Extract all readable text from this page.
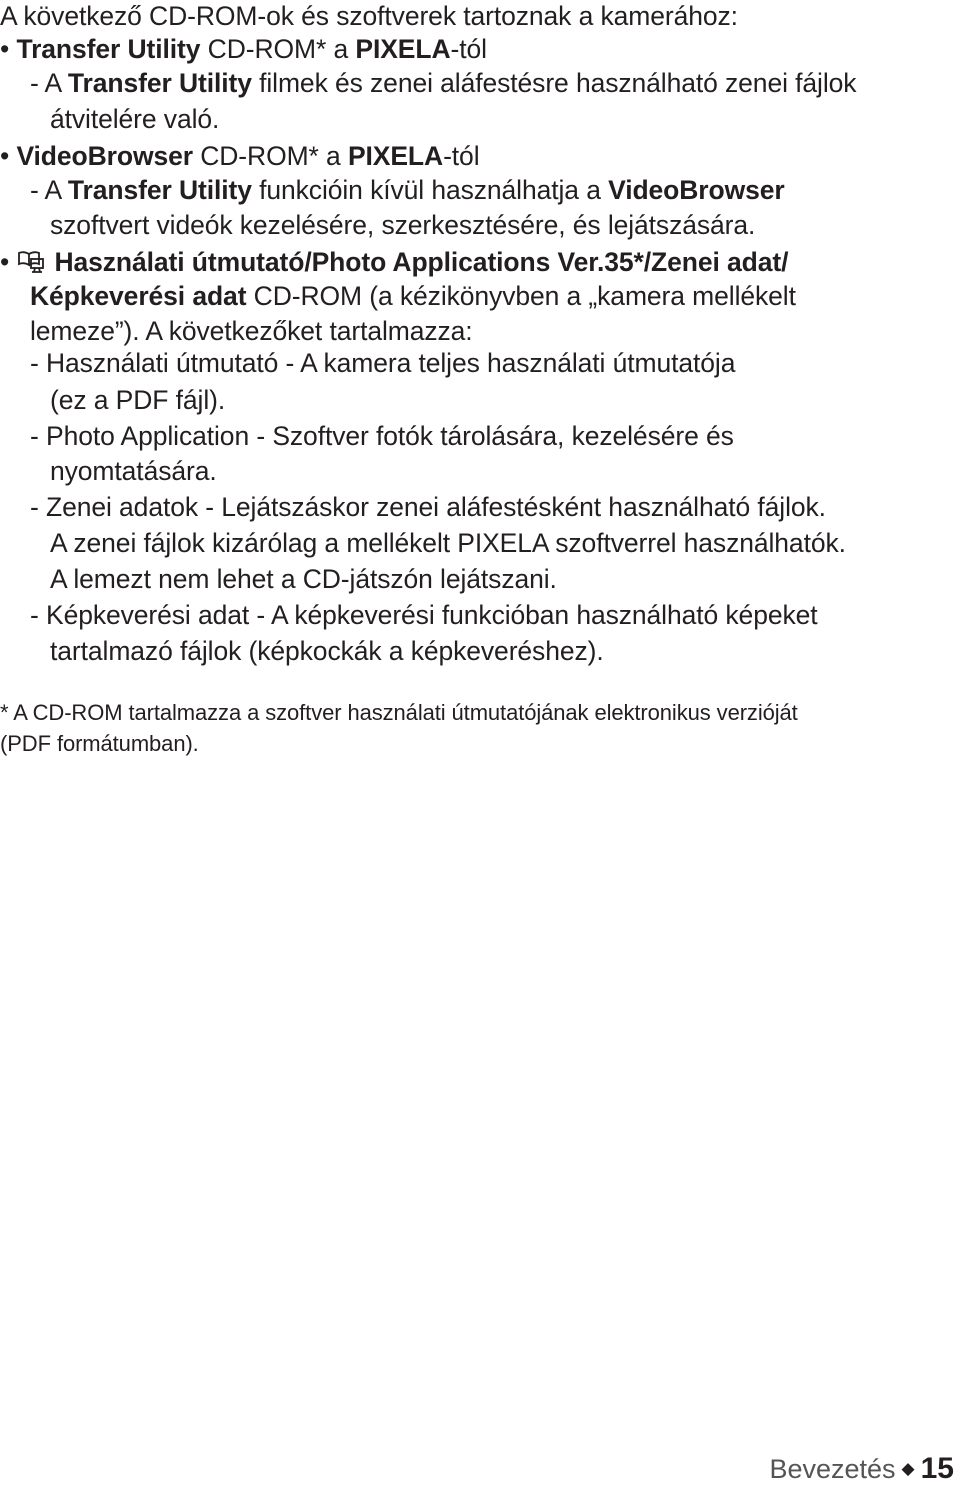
A következő CD-ROM-ok és szoftverek tartoznak a kamerához:
• Transfer Utility CD-ROM* a PIXELA-tól
- A Transfer Utility filmek és zenei aláfestésre használható zenei fájlok
átvitelére való.
• VideoBrowser CD-ROM* a PIXELA-tól
- A Transfer Utility funkcióin kívül használhatja a VideoBrowser
szoftvert videók kezelésére, szerkesztésére, és lejátszására.
• Használati útmutató/Photo Applications Ver.35*/Zenei adat/
Képkeverési adat CD-ROM (a kézikönyvben a „kamera mellékelt
lemeze”). A következőket tartalmazza:
- Használati útmutató - A kamera teljes használati útmutatója
(ez a PDF fájl).
- Photo Application - Szoftver fotók tárolására, kezelésére és
nyomtatására.
- Zenei adatok - Lejátszáskor zenei aláfestésként használható fájlok.
A zenei fájlok kizárólag a mellékelt PIXELA szoftverrel használhatók.
A lemezt nem lehet a CD-játszón lejátszani.
- Képkeverési adat - A képkeverési funkcióban használható képeket
tartalmazó fájlok (képkockák a képkeveréshez).
* A CD-ROM tartalmazza a szoftver használati útmutatójának elektronikus verzióját
(PDF formátumban).
Bevezetés ◆ 15
